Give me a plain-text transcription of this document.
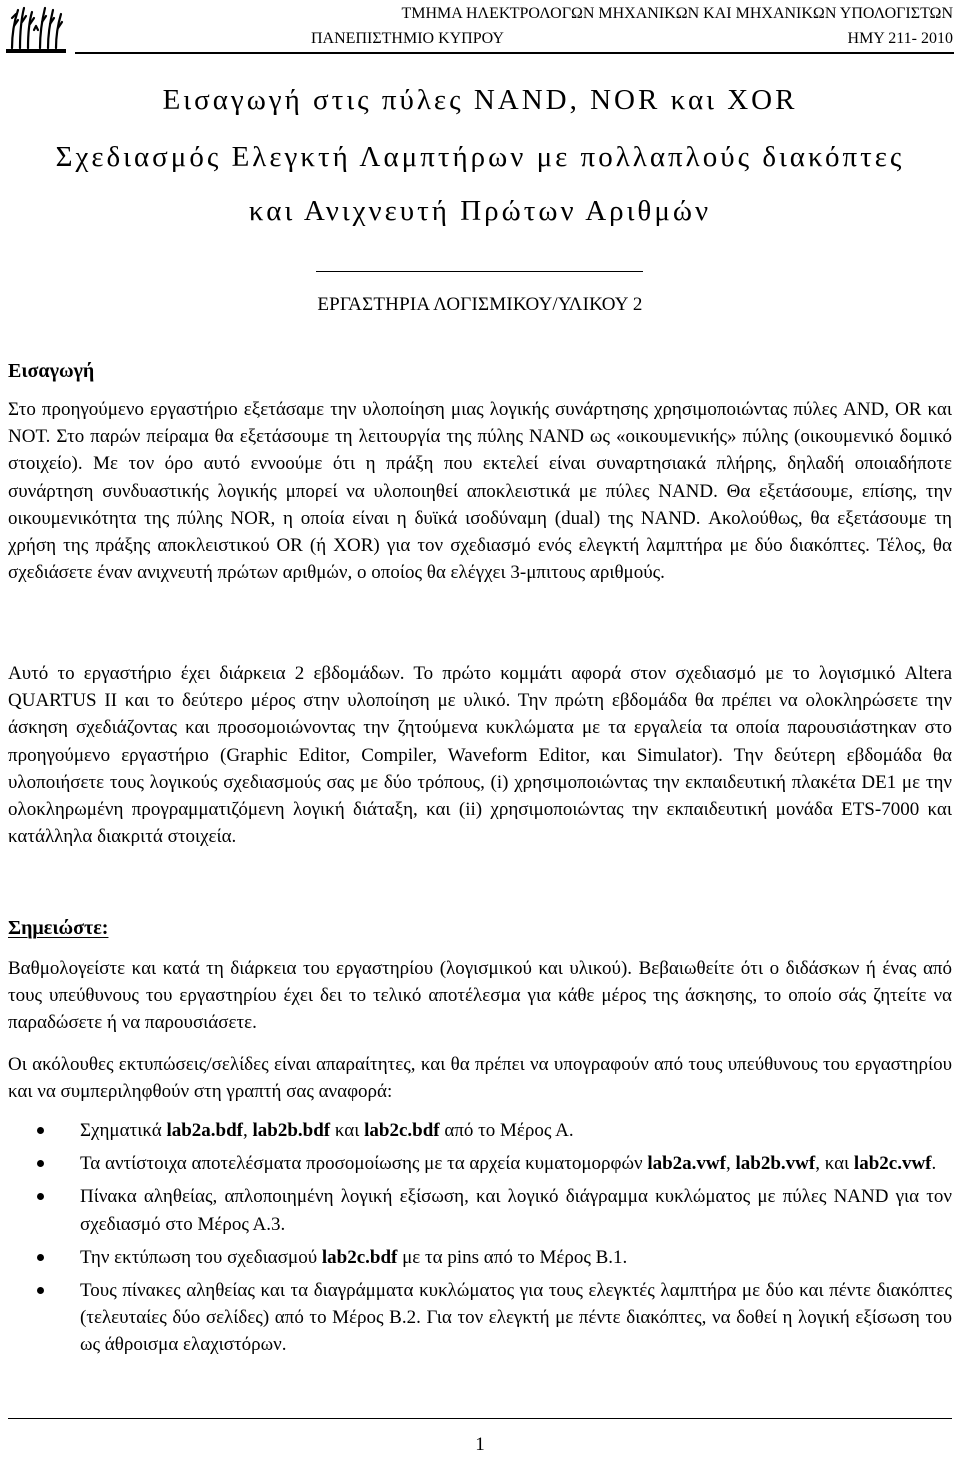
ΤΜΗΜΑ ΗΛΕΚΤΡΟΛΟΓΩΝ ΜΗΧΑΝΙΚΩΝ ΚΑΙ ΜΗΧΑΝΙΚΩΝ ΥΠΟΛΟΓΙΣΤΩΝ
ΠΑΝΕΠΙΣΤΗΜΙΟ ΚΥΠΡΟΥ	ΗΜΥ 211- 2010
Εισαγωγή στις πύλες NAND, NOR και XOR
Σχεδιασμός Ελεγκτή Λαμπτήρων με πολλαπλούς διακόπτες
και Ανιχνευτή Πρώτων Αριθμών
ΕΡΓΑΣΤΗΡΙΑ ΛΟΓΙΣΜΙΚΟΥ/ΥΛΙΚΟΥ 2
Εισαγωγή
Στο προηγούμενο εργαστήριο εξετάσαμε την υλοποίηση μιας λογικής συνάρτησης χρησιμοποιώντας πύλες AND, OR και NOT. Στο παρών πείραμα θα εξετάσουμε τη λειτουργία της πύλης NAND ως «οικουμενικής» πύλης (οικουμενικό δομικό στοιχείο). Με τον όρο αυτό εννοούμε ότι η πράξη που εκτελεί είναι συναρτησιακά πλήρης, δηλαδή οποιαδήποτε συνάρτηση συνδυαστικής λογικής μπορεί να υλοποιηθεί αποκλειστικά με πύλες NAND. Θα εξετάσουμε, επίσης, την οικουμενικότητα της πύλης NOR, η οποία είναι η δυϊκά ισοδύναμη (dual) της NAND. Ακολούθως, θα εξετάσουμε τη χρήση της πράξης αποκλειστικού OR (ή XOR) για τον σχεδιασμό ενός ελεγκτή λαμπτήρα με δύο διακόπτες. Τέλος, θα σχεδιάσετε έναν ανιχνευτή πρώτων αριθμών, ο οποίος θα ελέγχει 3-μπιτους αριθμούς.
Αυτό το εργαστήριο έχει διάρκεια 2 εβδομάδων. Το πρώτο κομμάτι αφορά στον σχεδιασμό με το λογισμικό Altera QUARTUS II και το δεύτερο μέρος στην υλοποίηση με υλικό. Την πρώτη εβδομάδα θα πρέπει να ολοκληρώσετε την άσκηση σχεδιάζοντας και προσομοιώνοντας την ζητούμενα κυκλώματα με τα εργαλεία τα οποία παρουσιάστηκαν στο προηγούμενο εργαστήριο (Graphic Editor, Compiler, Waveform Editor, και Simulator). Την δεύτερη εβδομάδα θα υλοποιήσετε τους λογικούς σχεδιασμούς σας με δύο τρόπους, (i) χρησιμοποιώντας την εκπαιδευτική πλακέτα DE1 με την ολοκληρωμένη προγραμματιζόμενη λογική διάταξη, και (ii) χρησιμοποιώντας την εκπαιδευτική μονάδα ETS-7000 και κατάλληλα διακριτά στοιχεία.
Σημειώστε:
Βαθμολογείστε και κατά τη διάρκεια του εργαστηρίου (λογισμικού και υλικού). Βεβαιωθείτε ότι ο διδάσκων ή ένας από τους υπεύθυνους του εργαστηρίου έχει δει το τελικό αποτέλεσμα για κάθε μέρος της άσκησης, το οποίο σάς ζητείτε να παραδώσετε ή να παρουσιάσετε.
Οι ακόλουθες εκτυπώσεις/σελίδες είναι απαραίτητες, και θα πρέπει να υπογραφούν από τους υπεύθυνους του εργαστηρίου και να συμπεριληφθούν στη γραπτή σας αναφορά:
Σχηματικά lab2a.bdf, lab2b.bdf και lab2c.bdf από το Μέρος Α.
Τα αντίστοιχα αποτελέσματα προσομοίωσης με τα αρχεία κυματομορφών lab2a.vwf, lab2b.vwf, και lab2c.vwf.
Πίνακα αληθείας, απλοποιημένη λογική εξίσωση, και λογικό διάγραμμα κυκλώματος με πύλες NAND για τον σχεδιασμό στο Μέρος Α.3.
Την εκτύπωση του σχεδιασμού lab2c.bdf με τα pins από το Μέρος Β.1.
Τους πίνακες αληθείας και τα διαγράμματα κυκλώματος για τους ελεγκτές λαμπτήρα με δύο και πέντε διακόπτες (τελευταίες δύο σελίδες) από το Μέρος Β.2. Για τον ελεγκτή με πέντε διακόπτες, να δοθεί η λογική εξίσωση του ως άθροισμα ελαχιστόρων.
1
